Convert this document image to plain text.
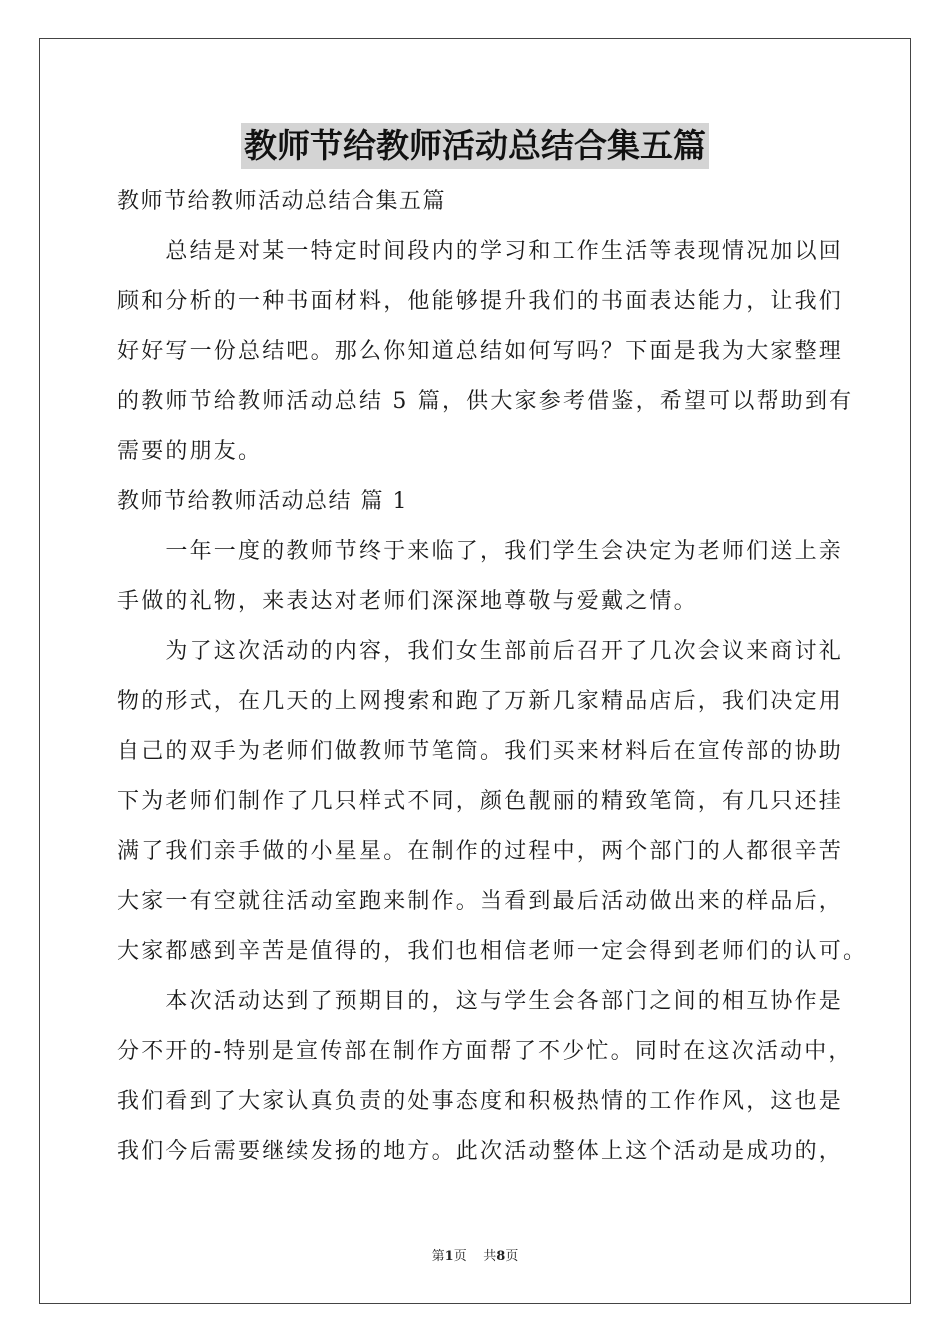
教师节给教师活动总结合集五篇
教师节给教师活动总结合集五篇
　　总结是对某一特定时间段内的学习和工作生活等表现情况加以回
顾和分析的一种书面材料，他能够提升我们的书面表达能力，让我们
好好写一份总结吧。那么你知道总结如何写吗？下面是我为大家整理
的教师节给教师活动总结 5 篇，供大家参考借鉴，希望可以帮助到有
需要的朋友。
教师节给教师活动总结 篇 1
　　一年一度的教师节终于来临了，我们学生会决定为老师们送上亲
手做的礼物，来表达对老师们深深地尊敬与爱戴之情。
　　为了这次活动的内容，我们女生部前后召开了几次会议来商讨礼
物的形式，在几天的上网搜索和跑了万新几家精品店后，我们决定用
自己的双手为老师们做教师节笔筒。我们买来材料后在宣传部的协助
下为老师们制作了几只样式不同，颜色靓丽的精致笔筒，有几只还挂
满了我们亲手做的小星星。在制作的过程中，两个部门的人都很辛苦
大家一有空就往活动室跑来制作。当看到最后活动做出来的样品后，
大家都感到辛苦是值得的，我们也相信老师一定会得到老师们的认可。
　　本次活动达到了预期目的，这与学生会各部门之间的相互协作是
分不开的-特别是宣传部在制作方面帮了不少忙。同时在这次活动中，
我们看到了大家认真负责的处事态度和积极热情的工作作风，这也是
我们今后需要继续发扬的地方。此次活动整体上这个活动是成功的，
第1页 共8页
